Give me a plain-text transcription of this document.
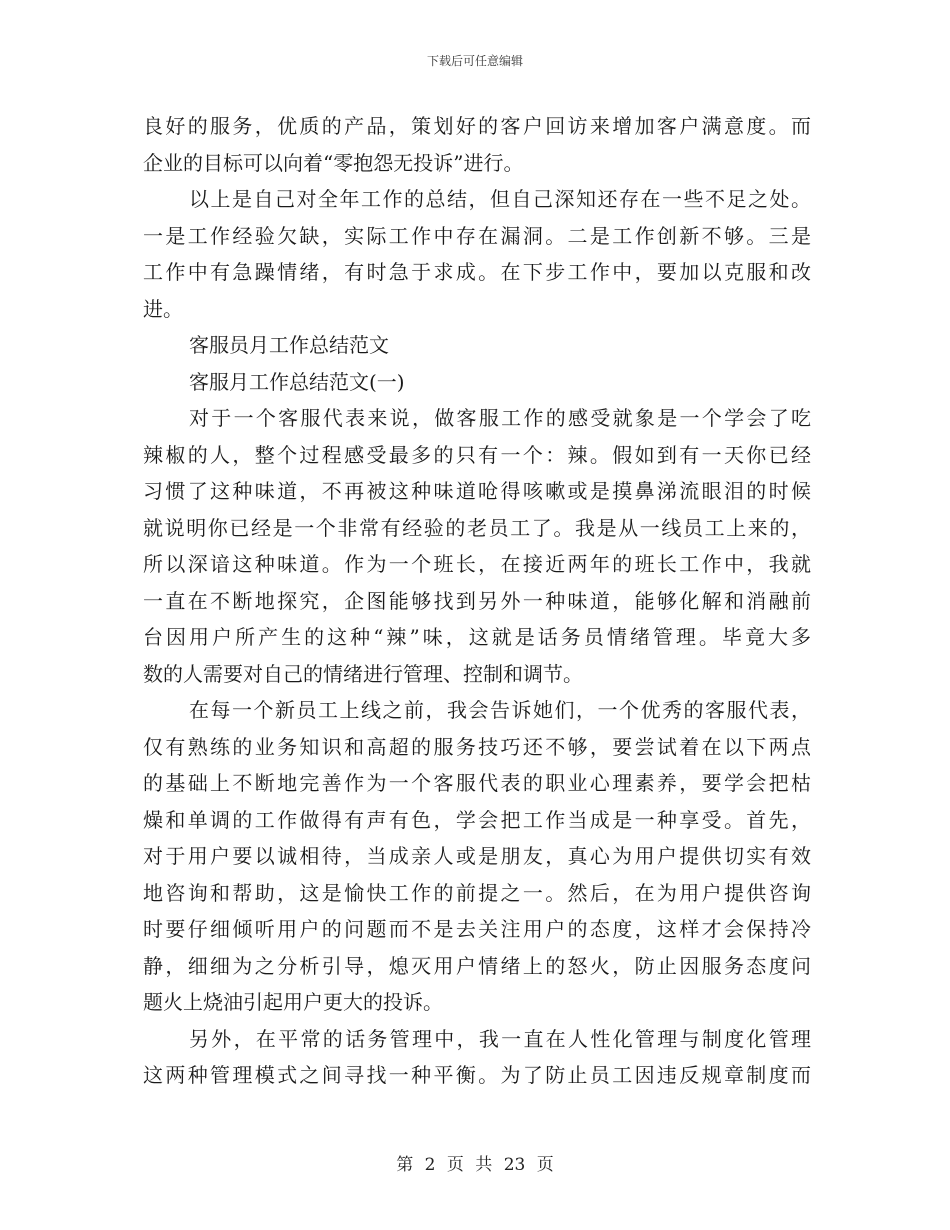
下载后可任意编辑
良好的服务，优质的产品，策划好的客户回访来增加客户满意度。而
企业的目标可以向着“零抱怨无投诉”进行。
以上是自己对全年工作的总结，但自己深知还存在一些不足之处。
一是工作经验欠缺，实际工作中存在漏洞。二是工作创新不够。三是
工作中有急躁情绪，有时急于求成。在下步工作中，要加以克服和改
进。
客服员月工作总结范文
客服月工作总结范文(一)
对于一个客服代表来说，做客服工作的感受就象是一个学会了吃
辣椒的人，整个过程感受最多的只有一个：辣。假如到有一天你已经
习惯了这种味道，不再被这种味道呛得咳嗽或是摸鼻涕流眼泪的时候
就说明你已经是一个非常有经验的老员工了。我是从一线员工上来的，
所以深谙这种味道。作为一个班长，在接近两年的班长工作中，我就
一直在不断地探究，企图能够找到另外一种味道，能够化解和消融前
台因用户所产生的这种“辣”味，这就是话务员情绪管理。毕竟大多
数的人需要对自己的情绪进行管理、控制和调节。
在每一个新员工上线之前，我会告诉她们，一个优秀的客服代表，
仅有熟练的业务知识和高超的服务技巧还不够，要尝试着在以下两点
的基础上不断地完善作为一个客服代表的职业心理素养，要学会把枯
燥和单调的工作做得有声有色，学会把工作当成是一种享受。首先，
对于用户要以诚相待，当成亲人或是朋友，真心为用户提供切实有效
地咨询和帮助，这是愉快工作的前提之一。然后，在为用户提供咨询
时要仔细倾听用户的问题而不是去关注用户的态度，这样才会保持冷
静，细细为之分析引导，熄灭用户情绪上的怒火，防止因服务态度问
题火上烧油引起用户更大的投诉。
另外，在平常的话务管理中，我一直在人性化管理与制度化管理
这两种管理模式之间寻找一种平衡。为了防止员工因违反规章制度而
第 2 页 共 23 页
